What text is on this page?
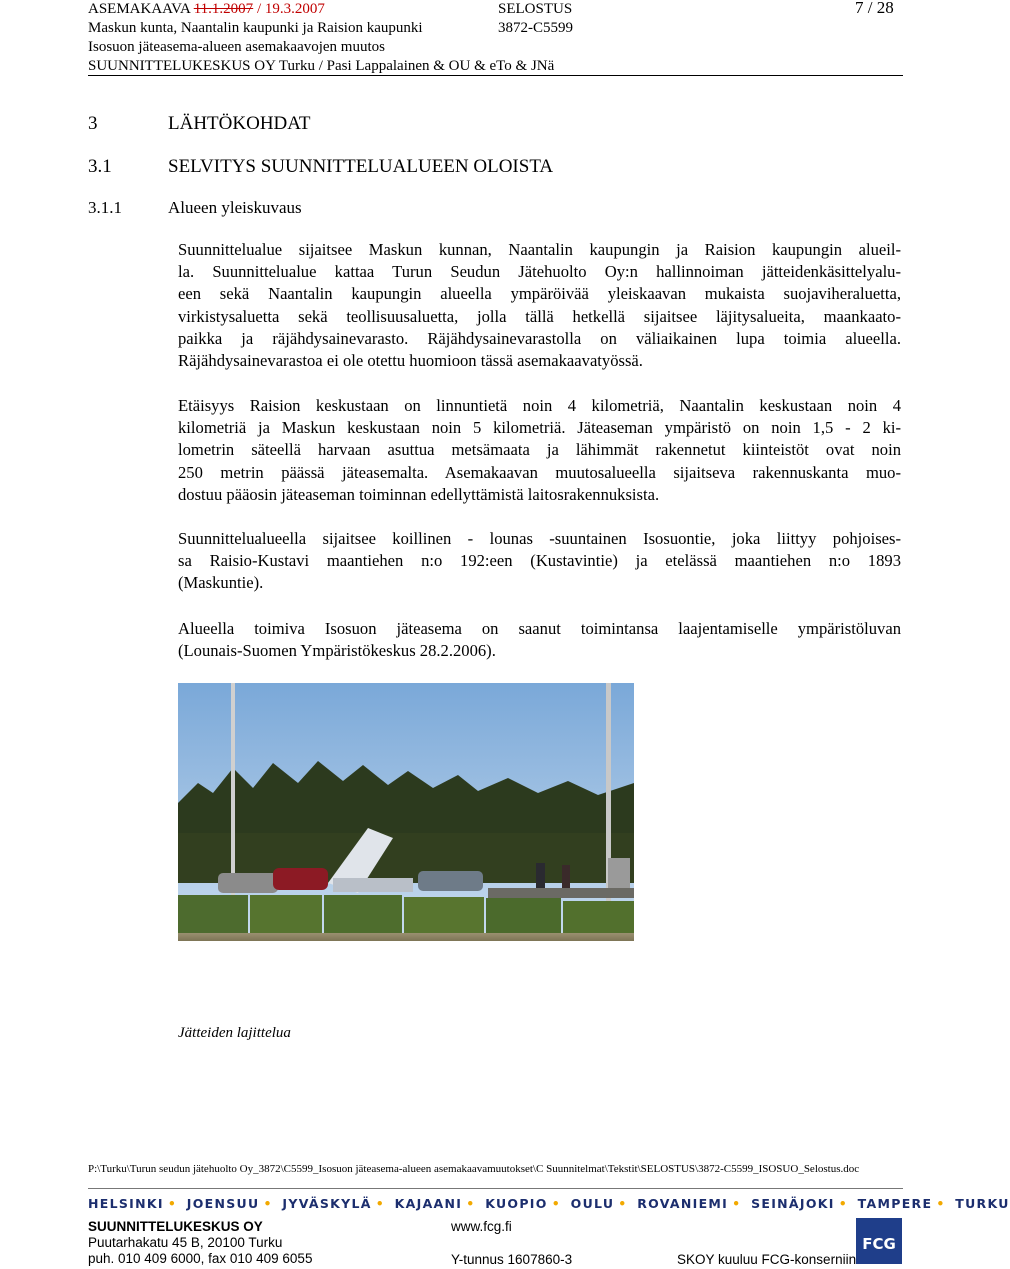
ASEMAKAAVA 11.1.2007 / 19.3.2007	SELOSTUS	7 / 28
Maskun kunta, Naantalin kaupunki ja Raision kaupunki	3872-C5599
Isosuon jäteasema-alueen asemakaavojen muutos
SUUNNITTELUKESKUS OY Turku / Pasi Lappalainen & OU & eTo & JNä
3	LÄHTÖKOHDAT
3.1	SELVITYS SUUNNITTELUALUEEN OLOISTA
3.1.1	Alueen yleiskuvaus
Suunnittelualue sijaitsee Maskun kunnan, Naantalin kaupungin ja Raision kaupungin alueil-
la. Suunnittelualue kattaa Turun Seudun Jätehuolto Oy:n hallinnoiman jätteidenkäsittelyalu-
een sekä Naantalin kaupungin alueella ympäröivää yleiskaavan mukaista suojaviheraluetta,
virkistysaluetta sekä teollisuusaluetta, jolla tällä hetkellä sijaitsee läjitysalueita, maankaato-
paikka ja räjähdysainevarasto. Räjähdysainevarastolla on väliaikainen lupa toimia alueella.
Räjähdysainevarastoa ei ole otettu huomioon tässä asemakaavatyössä.
Etäisyys Raision keskustaan on linnuntietä noin 4 kilometriä, Naantalin keskustaan noin 4
kilometriä ja Maskun keskustaan noin 5 kilometriä. Jäteaseman ympäristö on noin 1,5 - 2 ki-
lometrin säteellä harvaan asuttua metsämaata ja lähimmät rakennetut kiinteistöt ovat noin
250 metrin päässä jäteasemalta. Asemakaavan muutosalueella sijaitseva rakennuskanta muo-
dostuu pääosin jäteaseman toiminnan edellyttämistä laitosrakennuksista.
Suunnittelualueella sijaitsee koillinen - lounas -suuntainen Isosuontie, joka liittyy pohjoises-
sa Raisio-Kustavi maantiehen n:o 192:een (Kustavintie) ja etelässä maantiehen n:o 1893
(Maskuntie).
Alueella toimiva Isosuon jäteasema on saanut toimintansa laajentamiselle ympäristöluvan
(Lounais-Suomen Ympäristökeskus 28.2.2006).
Jätteiden lajittelua
P:\Turku\Turun seudun jätehuolto Oy_3872\C5599_Isosuon jäteasema-alueen asemakaavamuutokset\C Suunnitelmat\Tekstit\SELOSTUS\3872-C5599_ISOSUO_Selostus.doc
HELSINKI • JOENSUU • JYVÄSKYLÄ • KAJAANI • KUOPIO • OULU • ROVANIEMI • SEINÄJOKI • TAMPERE • TURKU
SUUNNITTELUKESKUS OY
Puutarhakatu 45 B, 20100 Turku
puh. 010 409 6000, fax 010 409 6055
www.fcg.fi
Y-tunnus 1607860-3	SKOY kuuluu FCG-konserniin
FCG
